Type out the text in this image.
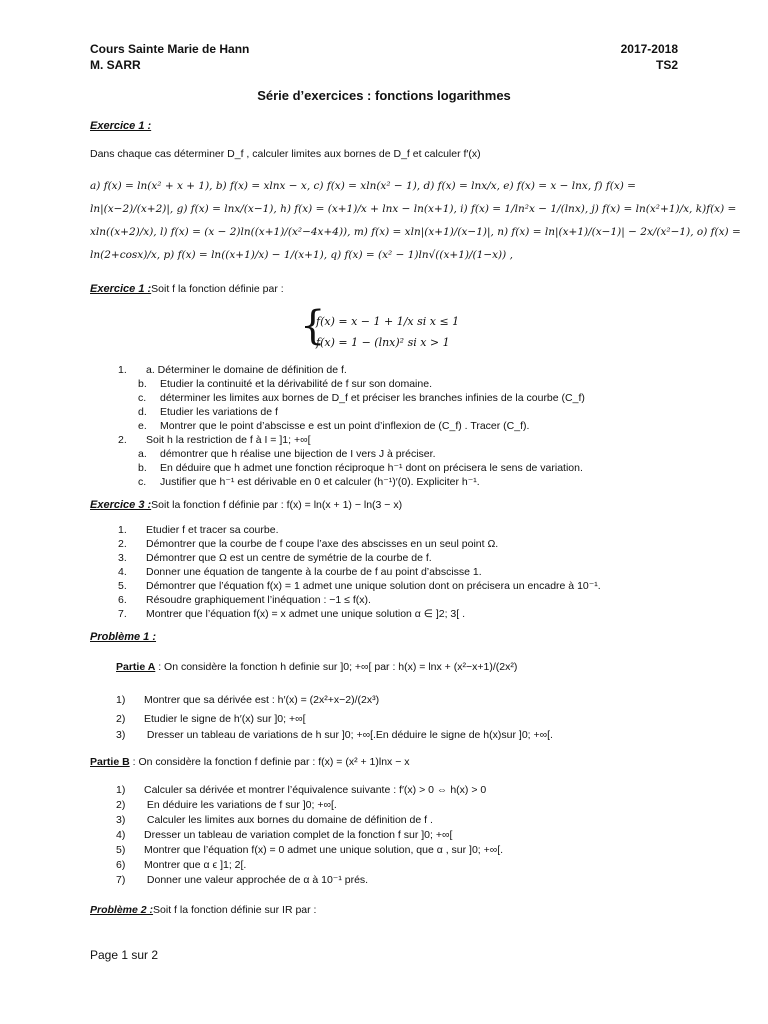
Cours Sainte Marie de Hann
M. SARR
2017-2018
TS2
Série d’exercices : fonctions logarithmes
Exercice 1 :
Dans chaque cas déterminer D_f , calculer limites aux bornes de D_f et calculer f′(x)
a) f(x) = ln(x² + x + 1), b) f(x) = xlnx − x, c) f(x) = xln(x² − 1), d) f(x) = lnx/x, e) f(x) = x − lnx, f) f(x) =
ln|(x−2)/(x+2)|, g) f(x) = lnx/(x−1), h) f(x) = (x+1)/x + lnx − ln(x+1), i) f(x) = 1/ln²x − 1/(lnx), j) f(x) = ln(x²+1)/x, k)f(x) =
xln((x+2)/x), l) f(x) = (x − 2)ln((x+1)/(x²−4x+4)), m) f(x) = xln|(x+1)/(x−1)|, n) f(x) = ln|(x+1)/(x−1)| − 2x/(x²−1), o) f(x) =
ln(2+cosx)/x, p) f(x) = ln((x+1)/x) − 1/(x+1), q) f(x) = (x² − 1)ln√((x+1)/(1−x)) ,
Exercice 1 :Soit f la fonction définie par :
{
f(x) = x − 1 + 1/x si x ≤ 1
f(x) = 1 − (lnx)² si x > 1
1. a. Déterminer le domaine de définition de f.
b. Etudier la continuité et la dérivabilité de f sur son domaine.
c. déterminer les limites aux bornes de D_f et préciser les branches infinies de la courbe (C_f)
d. Etudier les variations de f
e. Montrer que le point d’abscisse e est un point d’inflexion de (C_f) . Tracer (C_f).
2. Soit h la restriction de f à I = ]1; +∞[
a. démontrer que h réalise une bijection de I vers J à préciser.
b. En déduire que h admet une fonction réciproque h⁻¹ dont on précisera le sens de variation.
c. Justifier que h⁻¹ est dérivable en 0 et calculer (h⁻¹)′(0). Expliciter h⁻¹.
Exercice 3 :Soit la fonction f définie par : f(x) = ln(x + 1) − ln(3 − x)
1. Etudier f et tracer sa courbe.
2. Démontrer que la courbe de f coupe l’axe des abscisses en un seul point Ω.
3. Démontrer que Ω est un centre de symétrie de la courbe de f.
4. Donner une équation de tangente à la courbe de f au point d’abscisse 1.
5. Démontrer que l’équation f(x) = 1 admet une unique solution dont on précisera un encadre à 10⁻¹.
6. Résoudre graphiquement l’inéquation : −1 ≤ f(x).
7. Montrer que l’équation f(x) = x admet une unique solution α ∈ ]2; 3[ .
Problème 1 :
Partie A : On considère la fonction h definie sur ]0; +∞[ par : h(x) = lnx + (x²−x+1)/(2x²)
1) Montrer que sa dérivée est : h′(x) = (2x²+x−2)/(2x³)
2) Etudier le signe de h′(x) sur ]0; +∞[
3) Dresser un tableau de variations de h sur ]0; +∞[.En déduire le signe de h(x)sur ]0; +∞[.
Partie B : On considère la fonction f definie par : f(x) = (x² + 1)lnx − x
1) Calculer sa dérivée et montrer l’équivalence suivante : f′(x) > 0 ⇔ h(x) > 0
2) En déduire les variations de f sur ]0; +∞[.
3) Calculer les limites aux bornes du domaine de définition de f .
4) Dresser un tableau de variation complet de la fonction f sur ]0; +∞[
5) Montrer que l’équation f(x) = 0 admet une unique solution, que α , sur ]0; +∞[.
6) Montrer que α ϵ ]1; 2[.
7) Donner une valeur approchée de α à 10⁻¹ prés.
Problème 2 :Soit f la fonction définie sur IR par :
Page 1 sur 2
